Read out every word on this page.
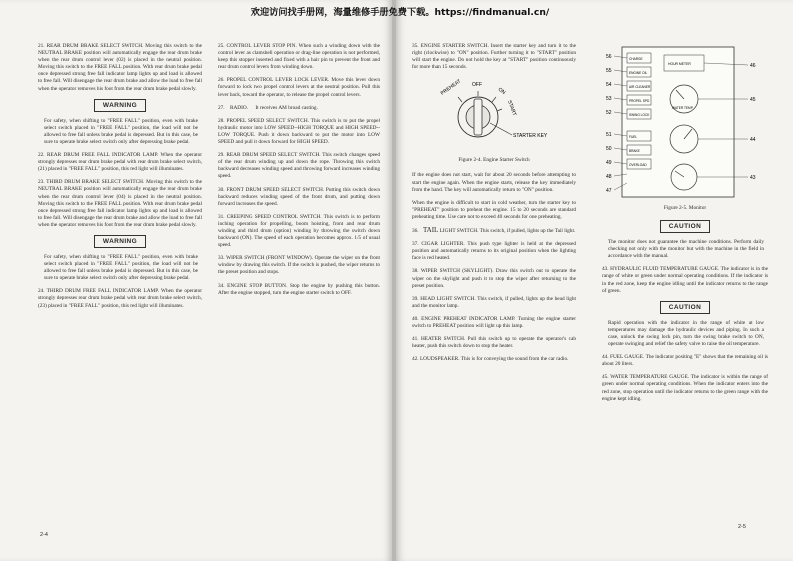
21. REAR DRUM BRAKE SELECT SWITCH. Moving this switch to the NEUTRAL BRAKE position will automatically engage the rear drum brake when the rear drum control lever (02) is placed in the neutral position. Moving this switch to the FREE FALL position. With rear drum brake pedal once depressed strong free fall indicator lamp lights up and load is allowed to free fall. Will disengage the rear drum brake and allow the load to free fall when the operator removes his foot from the rear drum brake pedal slowly.

WARNING

For safety, when shifting to "FREE FALL" position, even with brake select switch placed in "FREE FALL" position, the load will not be allowed to free fall unless brake pedal is depressed. But in this case, be sure to operate brake select switch only after depressing brake pedal.

22. REAR DRUM FREE FALL INDICATOR LAMP. When the operator strongly depresses rear drum brake pedal with rear drum brake select switch, (21) placed in "FREE FALL" position, this red light will illuminates.

23. THIRD DRUM BRAKE SELECT SWITCH. Moving this switch to the NEUTRAL BRAKE position will automatically engage the rear drum brake when the rear drum control lever (04) is placed in the neutral position. Moving this switch to the FREE FALL position. With rear drum brake pedal once depressed strong free fall indicator lamp lights up and load is allowed to free fall. Will disengage the rear drum brake and allow the load to free fall when the operator removes his foot from the rear drum brake pedal slowly.

WARNING

For safety, when shifting to "FREE FALL" position, even with brake select switch placed in "FREE FALL" position, the load will not be allowed to free fall unless brake pedal is depressed. But in this case, be sure to operate brake select switch only after depressing brake pedal.

24. THIRD DRUM FREE FALL INDICATOR LAMP. When the operator strongly depresses rear drum brake pedal with rear drum brake select switch, (23) placed in "FREE FALL" position, this red light will illuminates.

25. CONTROL LEVER STOP PIN. When such a winding down with the control lever as clamshell operation or drag-line operation is not performed, keep this stopper inserted and fixed with a hair pin to prevent the front and rear drum control levers from winding down.

26. PROPEL CONTROL LEVER LOCK LEVER. Move this lever down forward to lock two propel control levers at the neutral position. Pull this lever back, toward the operator, to release the propel control levers.

27. RADIO. It receives AM broad casting.

28. PROPEL SPEED SELECT SWITCH. This switch is to put the propel hydraulic motor into LOW SPEED--HIGH TORQUE and HIGH SPEED--LOW TORQUE. Push it down backward to put the motor into LOW SPEED and pull it down forward for HIGH SPEED.

29. REAR DRUM SPEED SELECT SWITCH. This switch changes speed of the rear drum winding up and down the rope. Throwing this switch backward decreases winding speed and throwing forward increases winding speed.

30. FRONT DRUM SPEED SELECT SWITCH. Putting this switch down backward reduces winding speed of the front drum, and putting down forward increases the speed.

31. CREEPING SPEED CONTROL SWITCH. This switch is to perform inching operation for propelling, boom hoisting, front and rear drum winding and third drum (option) winding by throwing the switch down backward (ON). The speed of each operation becomes approx. 1/5 of usual speed.

33. WIPER SWITCH (FRONT WINDOW). Operate the wiper on the front window by drawing this switch. If the switch is pushed, the wiper returns to the preset position and stops.

34. ENGINE STOP BUTTON. Stop the engine by pushing this button. After the engine stopped, turn the engine starter switch to OFF.

2-4

35. ENGINE STARTER SWITCH. Insert the starter key and turn it to the right (clockwise) to "ON" position. Further turning it to "START" position will start the engine. Do not hold the key at "START" position continuously for more than 15 seconds.

PREHEAT OFF
ON
START
STARTER KEY
Figure 2-4. Engine Starter Switch

If the engine does not start, wait for about 20 seconds before attempting to start the engine again. When the engine starts, release the key immediately from the hand. The key will automatically return to "ON" position.

When the engine is difficult to start in cold weather, turn the starter key to "PREHEAT" position to preheat the engine. 15 to 20 seconds are standard preheating time. Use care not to exceed 40 seconds for one preheating.

36. TAIL LIGHT SWITCH. This switch, if pulled, lights up the Tail light.

37. CIGAR LIGHTER. This push type lighter is held at the depressed position and automatically returns to its original position when the lighting face is red heated.

38. WIPER SWITCH (SKYLIGHT). Draw this switch out to operate the wiper on the skylight and push it to stop the wiper after returning to the preset position.

39. HEAD LIGHT SWITCH. This switch, if pulled, lights up the head light and the monitor lamp.

40. ENGINE PREHEAT INDICATOR LAMP. Turning the engine starter switch to PREHEAT position will light up this lamp.

41. HEATER SWITCH. Pull this switch up to operate the operator's cab heater, push this switch down to stop the heater.

42. LOUDSPEAKER. This is for conveying the sound from the car radio.

CHARGE
ENGINE OIL
AIR CLEANER
PROPEL SPD
SWING LOCK
FUEL
BRAKE
OVERLOAD
HOUR METER
WATER TEMP
56
55
54
53
52
51
50
49
48
47
46
45
44
43
Figure 2-5. Monitor
CAUTION

The monitor does not guarantee the machine conditions. Perform daily checking not only with the monitor but with the machine in the field in accordance with the manual.

43. HYDRAULIC FLUID TEMPERATURE GAUGE. The indicator is in the range of white or green under normal operating conditions. If the indicator is in the red zone, keep the engine idling until the indicator returns to the range of green.

CAUTION

Rapid operation with the indicator in the range of white at low temperatures may damage the hydraulic devices and piping. In such a case, unlock the swing lock pin, turn the swing brake switch to ON, operate swinging and relief the safety valve to raise the oil temperature.

44. FUEL GAUGE. The indicator positing "E" shows that the remaining oil is about 20 liters.

45. WATER TEMPERATURE GAUGE. The indicator is within the range of green under normal operating conditions. When the indicator enters into the red zone, stop operation until the indicator returns to the green range with the engine kept idling.

2-5
欢迎访问找手册网，海量维修手册免费下载。https://findmanual.cn/
